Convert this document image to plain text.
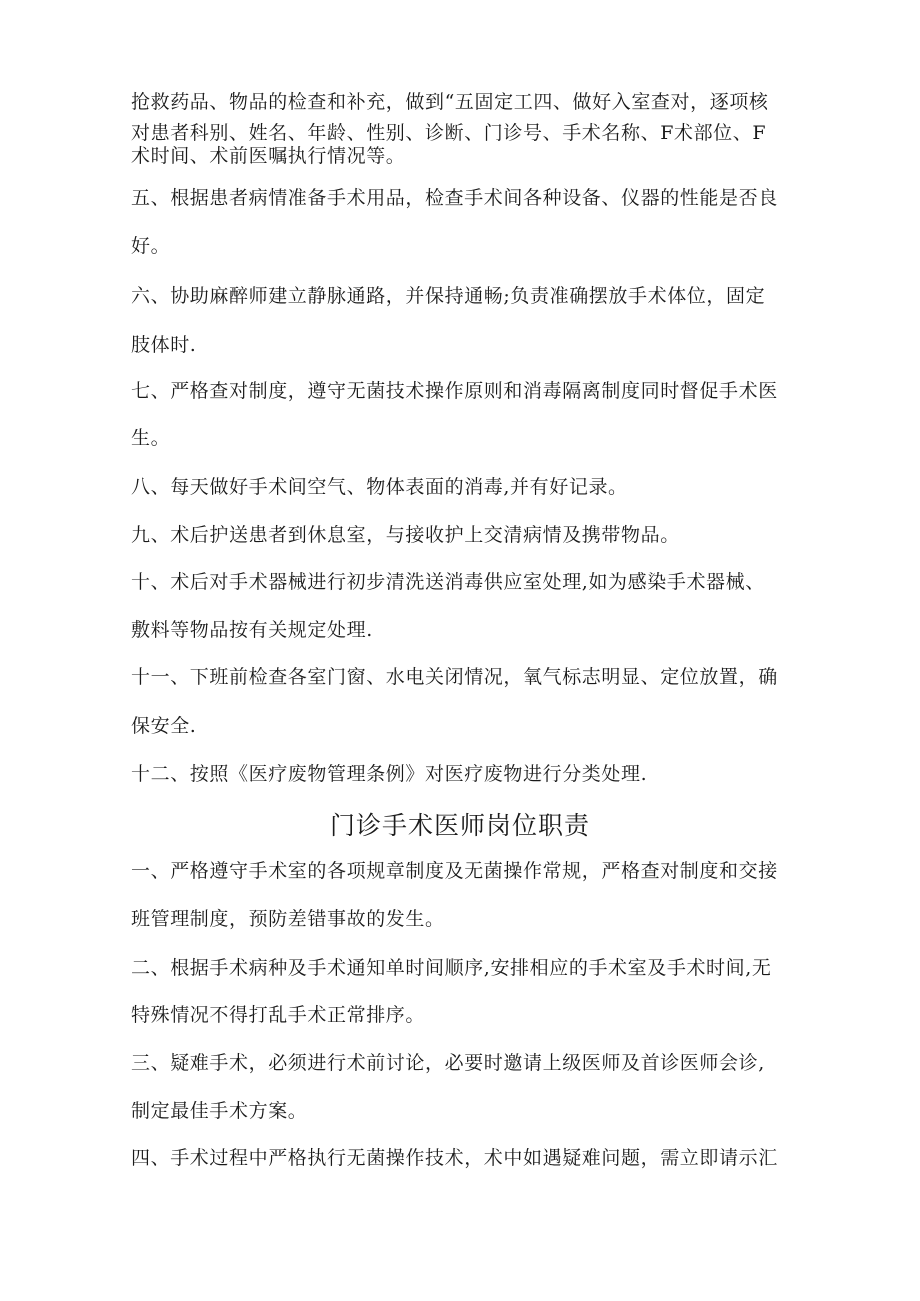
抢救药品、物品的检查和补充，做到“五固定工四、做好入室查对，逐项核
对患者科别、姓名、年龄、性别、诊断、门诊号、手术名称、F术部位、F
术时间、术前医嘱执行情况等。
五、根据患者病情准备手术用品，检查手术间各种设备、仪器的性能是否良
好。
六、协助麻醉师建立静脉通路，并保持通畅;负责准确摆放手术体位，固定
肢体时.
七、严格查对制度，遵守无菌技术操作原则和消毒隔离制度同时督促手术医
生。
八、每天做好手术间空气、物体表面的消毒,并有好记录。
九、术后护送患者到休息室，与接收护上交清病情及携带物品。
十、术后对手术器械进行初步清洗送消毒供应室处理,如为感染手术器械、
敷料等物品按有关规定处理.
十一、下班前检查各室门窗、水电关闭情况，氧气标志明显、定位放置，确
保安全.
十二、按照《医疗废物管理条例》对医疗废物进行分类处理.
门诊手术医师岗位职责
一、严格遵守手术室的各项规章制度及无菌操作常规，严格查对制度和交接
班管理制度，预防差错事故的发生。
二、根据手术病种及手术通知单时间顺序,安排相应的手术室及手术时间,无
特殊情况不得打乱手术正常排序。
三、疑难手术，必须进行术前讨论，必要时邀请上级医师及首诊医师会诊,
制定最佳手术方案。
四、手术过程中严格执行无菌操作技术，术中如遇疑难问题，需立即请示汇
